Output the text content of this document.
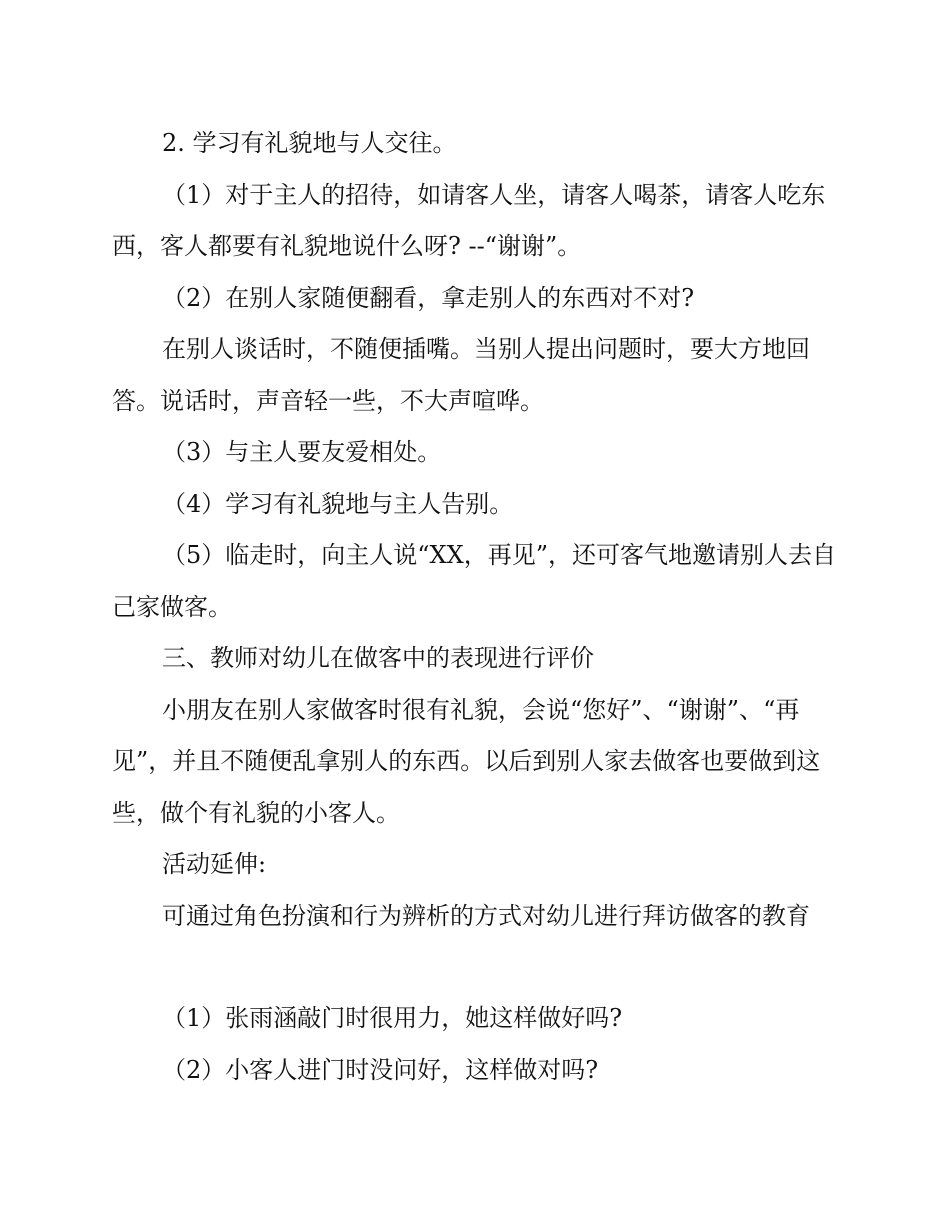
2. 学习有礼貌地与人交往。

（1）对于主人的招待，如请客人坐，请客人喝茶，请客人吃东西，客人都要有礼貌地说什么呀? --“谢谢”。

（2）在别人家随便翻看，拿走别人的东西对不对?

在别人谈话时，不随便插嘴。当别人提出问题时，要大方地回答。说话时，声音轻一些，不大声喧哗。

（3）与主人要友爱相处。

（4）学习有礼貌地与主人告别。

（5）临走时，向主人说“XX，再见”，还可客气地邀请别人去自己家做客。

三、教师对幼儿在做客中的表现进行评价

小朋友在别人家做客时很有礼貌，会说“您好”、“谢谢”、“再见”，并且不随便乱拿别人的东西。以后到别人家去做客也要做到这些，做个有礼貌的小客人。

活动延伸:

可通过角色扮演和行为辨析的方式对幼儿进行拜访做客的教育

（1）张雨涵敲门时很用力，她这样做好吗?

（2）小客人进门时没问好，这样做对吗?
